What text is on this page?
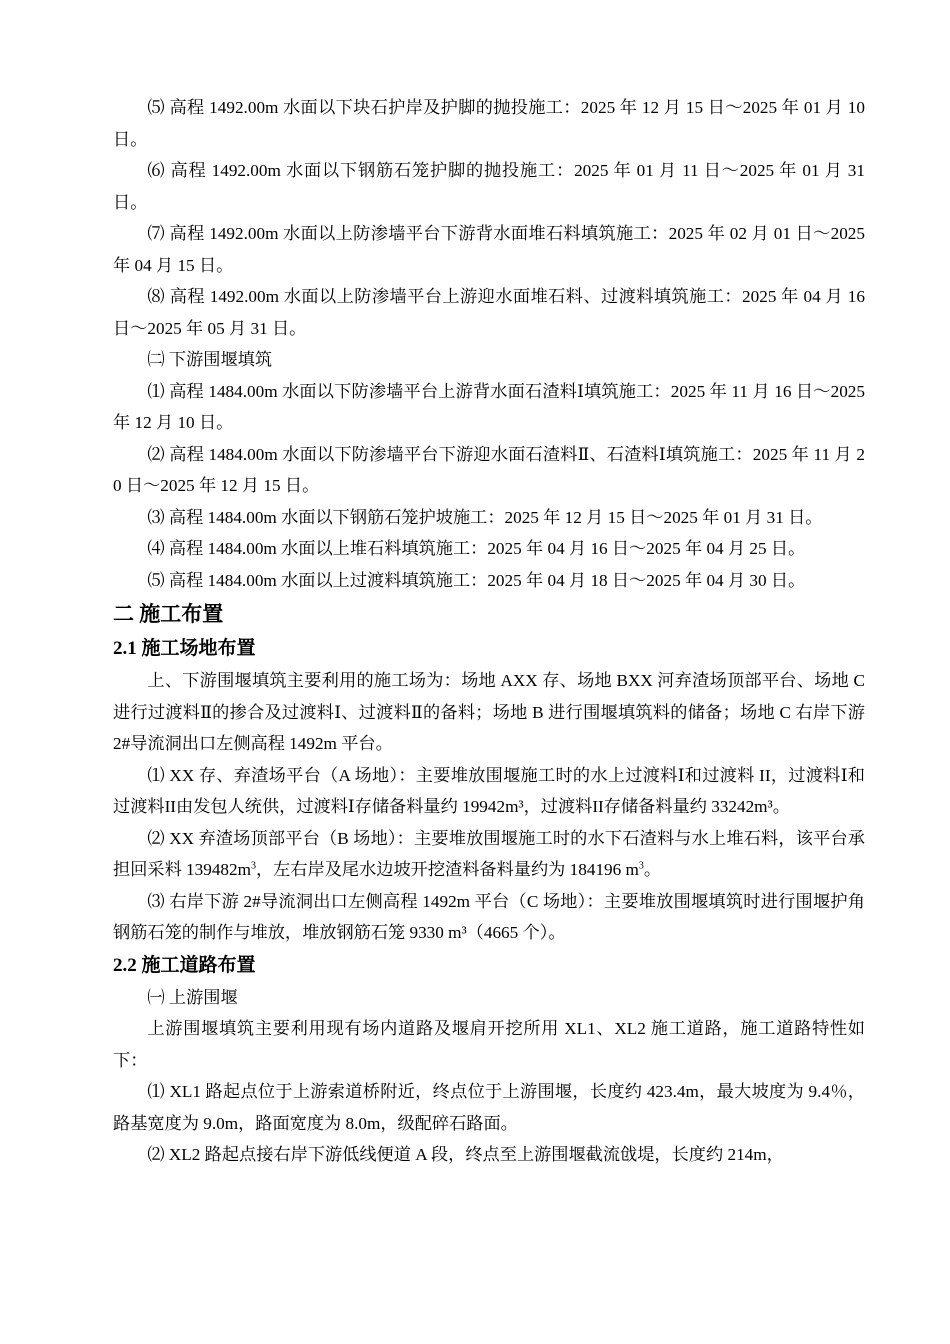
⑸ 高程 1492.00m 水面以下块石护岸及护脚的抛投施工：2025 年 12 月 15 日～2025 年 01 月 10 日。

⑹ 高程 1492.00m 水面以下钢筋石笼护脚的抛投施工：2025 年 01 月 11 日～2025 年 01 月 31 日。

⑺ 高程 1492.00m 水面以上防渗墙平台下游背水面堆石料填筑施工：2025 年 02 月 01 日～2025 年 04 月 15 日。

⑻ 高程 1492.00m 水面以上防渗墙平台上游迎水面堆石料、过渡料填筑施工：2025 年 04 月 16 日～2025 年 05 月 31 日。

㈡ 下游围堰填筑

⑴ 高程 1484.00m 水面以下防渗墙平台上游背水面石渣料Ⅰ填筑施工：2025 年 11 月 16 日～2025 年 12 月 10 日。

⑵ 高程 1484.00m 水面以下防渗墙平台下游迎水面石渣料Ⅱ、石渣料Ⅰ填筑施工：2025 年 11 月 20 日～2025 年 12 月 15 日。

⑶ 高程 1484.00m 水面以下钢筋石笼护坡施工：2025 年 12 月 15 日～2025 年 01 月 31 日。

⑷ 高程 1484.00m 水面以上堆石料填筑施工：2025 年 04 月 16 日～2025 年 04 月 25 日。

⑸ 高程 1484.00m 水面以上过渡料填筑施工：2025 年 04 月 18 日～2025 年 04 月 30 日。

二 施工布置
2.1 施工场地布置

上、下游围堰填筑主要利用的施工场为：场地 AXX 存、场地 BXX 河弃渣场顶部平台、场地 C 进行过渡料Ⅱ的掺合及过渡料Ⅰ、过渡料Ⅱ的备料；场地 B 进行围堰填筑料的储备；场地 C 右岸下游 2#导流洞出口左侧高程 1492m 平台。

⑴ XX 存、弃渣场平台（A 场地）：主要堆放围堰施工时的水上过渡料Ⅰ和过渡料 II，过渡料Ⅰ和过渡料II由发包人统供，过渡料Ⅰ存储备料量约 19942m³，过渡料II存储备料量约 33242m³。

⑵ XX 弃渣场顶部平台（B 场地）：主要堆放围堰施工时的水下石渣料与水上堆石料，该平台承担回采料 $139482m^3$，左右岸及尾水边坡开挖渣料备料量约为 184196 $m^3$。

⑶ 右岸下游 2#导流洞出口左侧高程 1492m 平台（C 场地）：主要堆放围堰填筑时进行围堰护角钢筋石笼的制作与堆放，堆放钢筋石笼 9330 m³（4665 个）。

2.2 施工道路布置

㈠ 上游围堰

上游围堰填筑主要利用现有场内道路及堰肩开挖所用 XL1、XL2 施工道路，施工道路特性如下：

⑴ XL1 路起点位于上游索道桥附近，终点位于上游围堰，长度约 423.4m，最大坡度为 9.4％，路基宽度为 9.0m，路面宽度为 8.0m，级配碎石路面。

⑵ XL2 路起点接右岸下游低线便道 A 段，终点至上游围堰截流戗堤，长度约 214m，
